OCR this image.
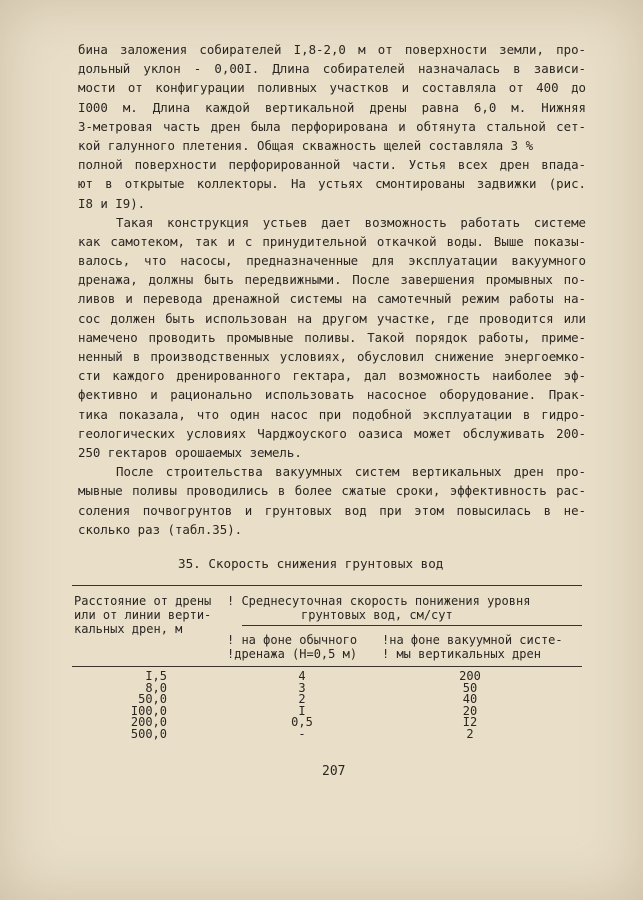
бина заложения собирателей I,8-2,0 м от поверхности земли, про-
дольный уклон - 0,00I. Длина собирателей назначалась в зависи-
мости от конфигурации поливных участков и составляла от 400 до
I000 м. Длина каждой вертикальной дрены равна 6,0 м. Нижняя
3-метровая часть дрен была перфорирована и обтянута стальной сет-
кой галунного плетения. Общая скважность щелей составляла 3 %
полной поверхности перфорированной части. Устья всех дрен впада-
ют в открытые коллекторы. На устьях смонтированы задвижки (рис.
I8 и I9).
Такая конструкция устьев дает возможность работать системе
как самотеком, так и с принудительной откачкой воды. Выше показы-
валось, что насосы, предназначенные для эксплуатации вакуумного
дренажа, должны быть передвижными. После завершения промывных по-
ливов и перевода дренажной системы на самотечный режим работы на-
сос должен быть использован на другом участке, где проводится или
намечено проводить промывные поливы. Такой порядок работы, приме-
ненный в производственных условиях, обусловил снижение энергоемко-
сти каждого дренированного гектара, дал возможность наиболее эф-
фективно и рационально использовать насосное оборудование. Прак-
тика показала, что один насос при подобной эксплуатации в гидро-
геологических условиях Чарджоуского оазиса может обслуживать 200-
250 гектаров орошаемых земель.
После строительства вакуумных систем вертикальных дрен про-
мывные поливы проводились в более сжатые сроки, эффективность рас-
соления почвогрунтов и грунтовых вод при этом повысилась в не-
сколько раз (табл.35).
35. Скорость снижения грунтовых вод
Расстояние от дрены
или от линии верти-
кальных дрен, м
! Среднесуточная скорость понижения уровня
грунтовых вод, см/сут
! на фоне обычного
!дренажа (Н=0,5 м)
!на фоне вакуумной систе-
! мы вертикальных дрен
I,5
8,0
50,0
I00,0
200,0
500,0
4
3
2
I
0,5
-
200
50
40
20
I2
2
207
